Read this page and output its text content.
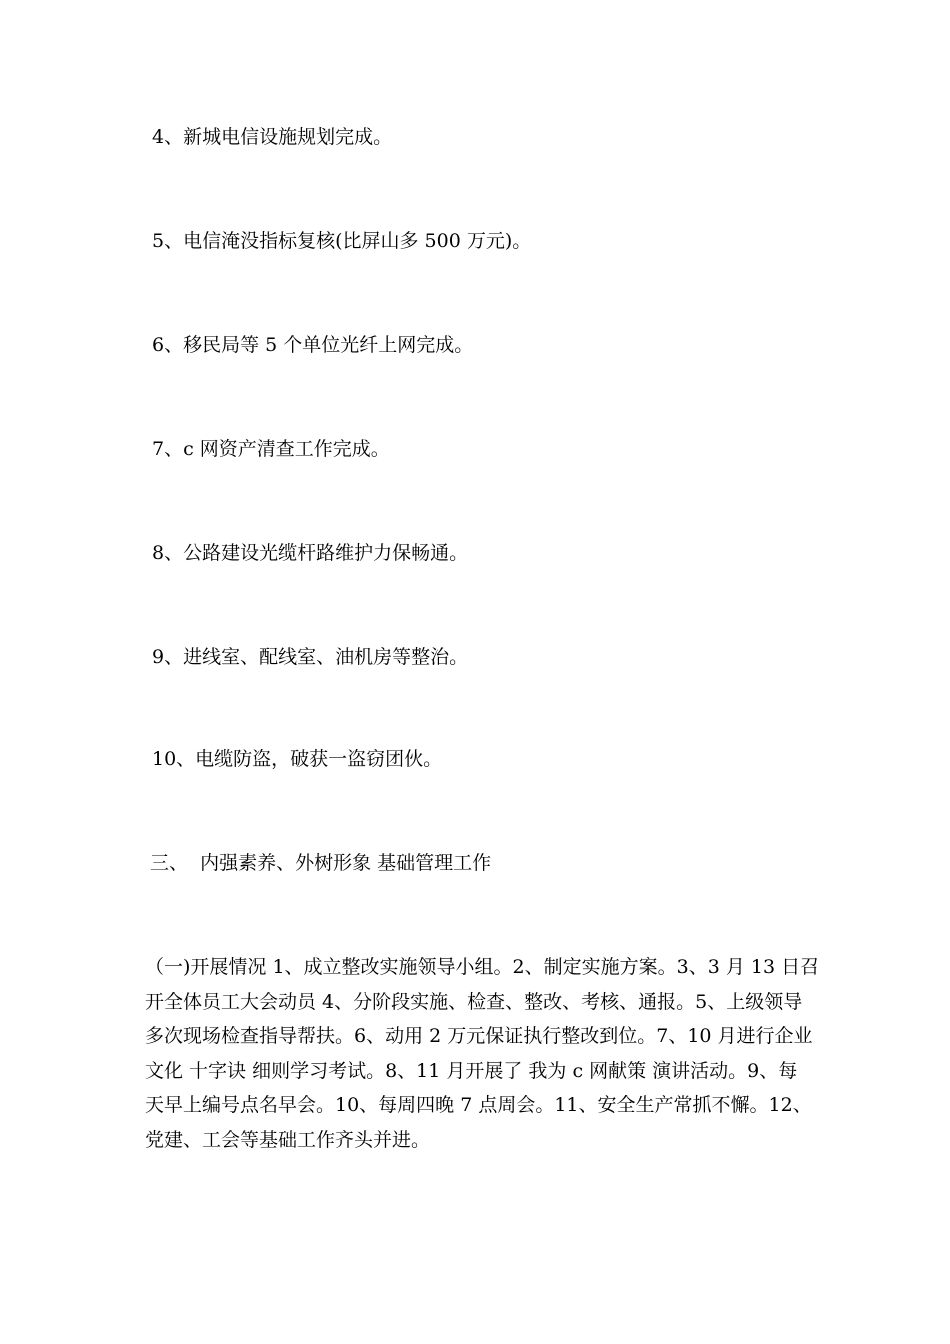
4、新城电信设施规划完成。

5、电信淹没指标复核(比屏山多 500 万元)。

6、移民局等 5 个单位光纤上网完成。

7、c 网资产清查工作完成。

8、公路建设光缆杆路维护力保畅通。

9、进线室、配线室、油机房等整治。

10、电缆防盗，破获一盗窃团伙。

三、  内强素养、外树形象 基础管理工作

（一)开展情况 1、成立整改实施领导小组。2、制定实施方案。3、3 月 13 日召
开全体员工大会动员 4、分阶段实施、检查、整改、考核、通报。5、上级领导
多次现场检查指导帮扶。6、动用 2 万元保证执行整改到位。7、10 月进行企业
文化 十字诀 细则学习考试。8、11 月开展了 我为 c 网献策 演讲活动。9、每
天早上编号点名早会。10、每周四晚 7 点周会。11、安全生产常抓不懈。12、
党建、工会等基础工作齐头并进。
